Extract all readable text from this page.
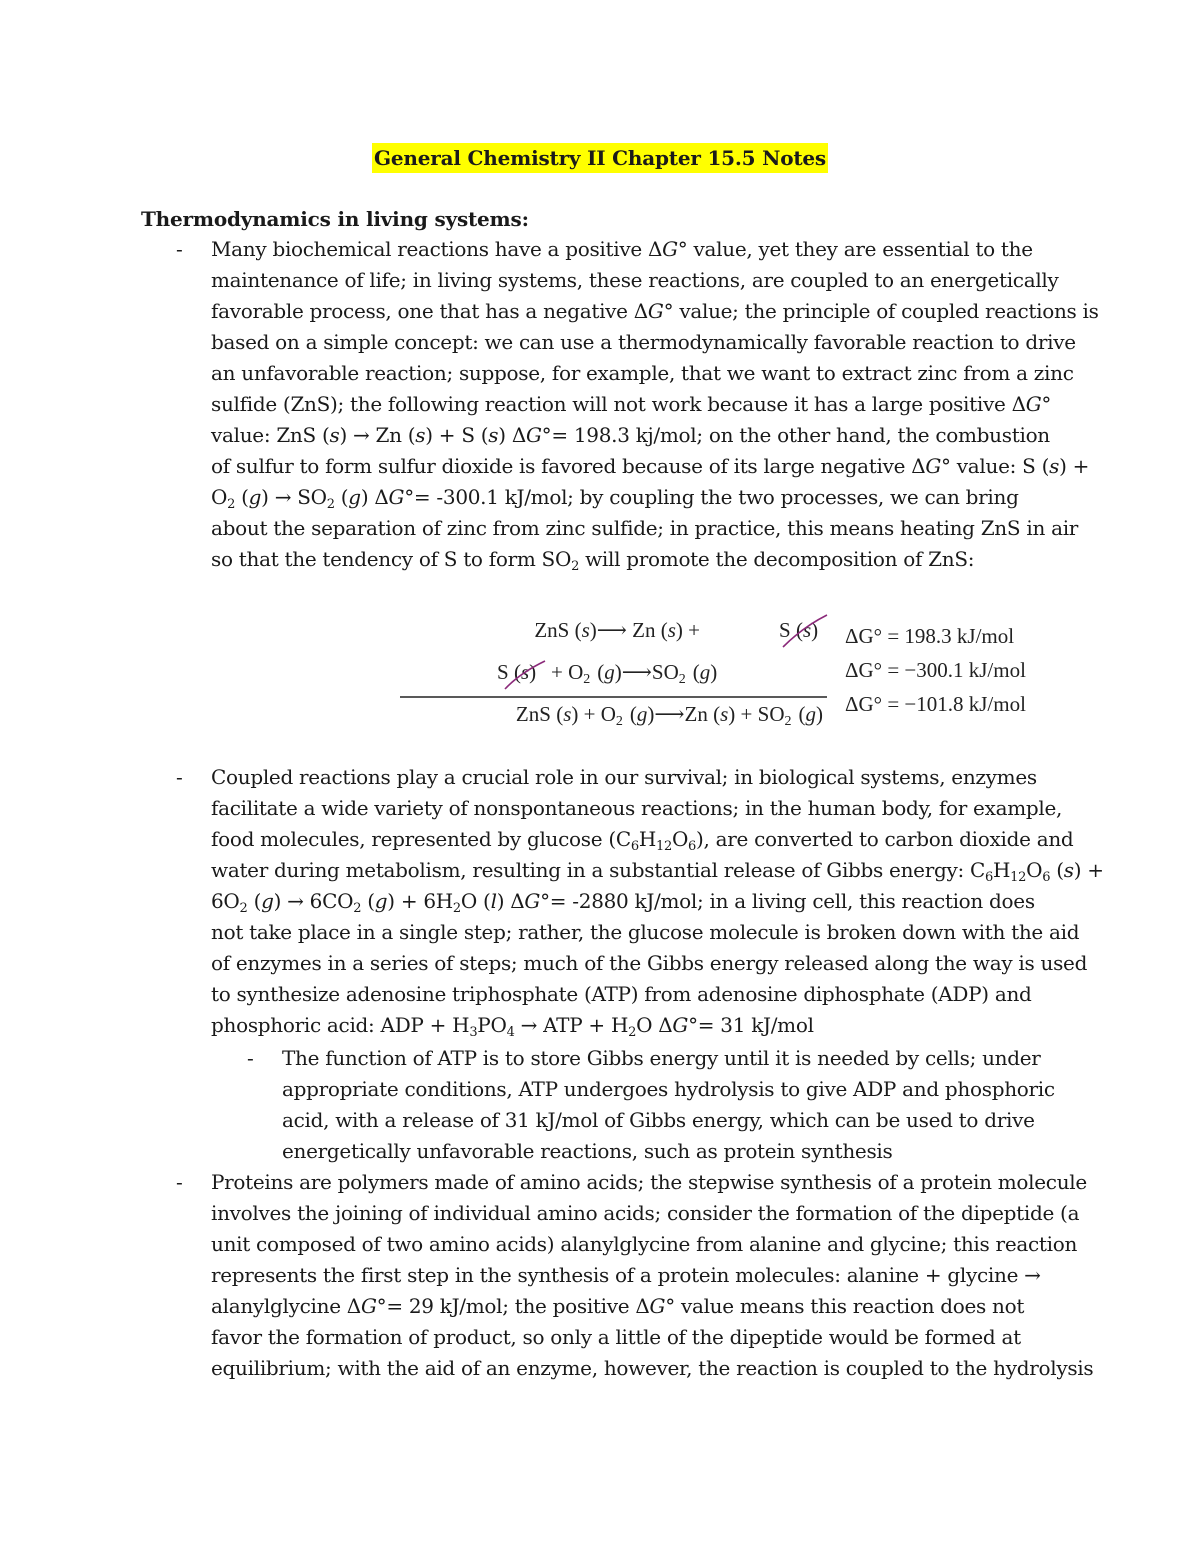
General Chemistry II Chapter 15.5 Notes
Thermodynamics in living systems:
- Many biochemical reactions have a positive ΔG° value, yet they are essential to the
maintenance of life; in living systems, these reactions, are coupled to an energetically
favorable process, one that has a negative ΔG° value; the principle of coupled reactions is
based on a simple concept: we can use a thermodynamically favorable reaction to drive
an unfavorable reaction; suppose, for example, that we want to extract zinc from a zinc
sulfide (ZnS); the following reaction will not work because it has a large positive ΔG°
value: ZnS (s) → Zn (s) + S (s) ΔG°= 198.3 kj/mol; on the other hand, the combustion
of sulfur to form sulfur dioxide is favored because of its large negative ΔG° value: S (s) +
$O_2$ $(g) \to SO_2$ (g) ΔG°= -300.1 kJ/mol; by coupling the two processes, we can bring
about the separation of zinc from zinc sulfide; in practice, this means heating ZnS in air
so that the tendency of S to form $SO_2$ will promote the decomposition of ZnS:
ZnS (s)⟶ Zn (s) +	S (s) ΔG° = 198.3 kJ/mol
S (s) + O2  (g)⟶SO2  (g)	ΔG° = −300.1 kJ/mol
ZnS (s) + O2  (g)⟶Zn (s) + SO2  (g) ΔG° = −101.8 kJ/mol
- Coupled reactions play a crucial role in our survival; in biological systems, enzymes
facilitate a wide variety of nonspontaneous reactions; in the human body, for example,
food molecules, represented by glucose $(C_6H_{12}O_6)$, are converted to carbon dioxide and
water during metabolism, resulting in a substantial release of Gibbs energy: $C_6H_{12}O_6$ (s) +
$6O_2$ $(g) \to 6CO_2$ $(g) + 6H_2O$ (l) ΔG°= -2880 kJ/mol; in a living cell, this reaction does
not take place in a single step; rather, the glucose molecule is broken down with the aid
of enzymes in a series of steps; much of the Gibbs energy released along the way is used
to synthesize adenosine triphosphate (ATP) from adenosine diphosphate (ADP) and
phosphoric acid: ADP + $H_3PO_4$ → ATP + $H_2O$ ΔG°= 31 kJ/mol
- The function of ATP is to store Gibbs energy until it is needed by cells; under
appropriate conditions, ATP undergoes hydrolysis to give ADP and phosphoric
acid, with a release of 31 kJ/mol of Gibbs energy, which can be used to drive
energetically unfavorable reactions, such as protein synthesis
- Proteins are polymers made of amino acids; the stepwise synthesis of a protein molecule
involves the joining of individual amino acids; consider the formation of the dipeptide (a
unit composed of two amino acids) alanylglycine from alanine and glycine; this reaction
represents the first step in the synthesis of a protein molecules: alanine + glycine →
alanylglycine ΔG°= 29 kJ/mol; the positive ΔG° value means this reaction does not
favor the formation of product, so only a little of the dipeptide would be formed at
equilibrium; with the aid of an enzyme, however, the reaction is coupled to the hydrolysis
